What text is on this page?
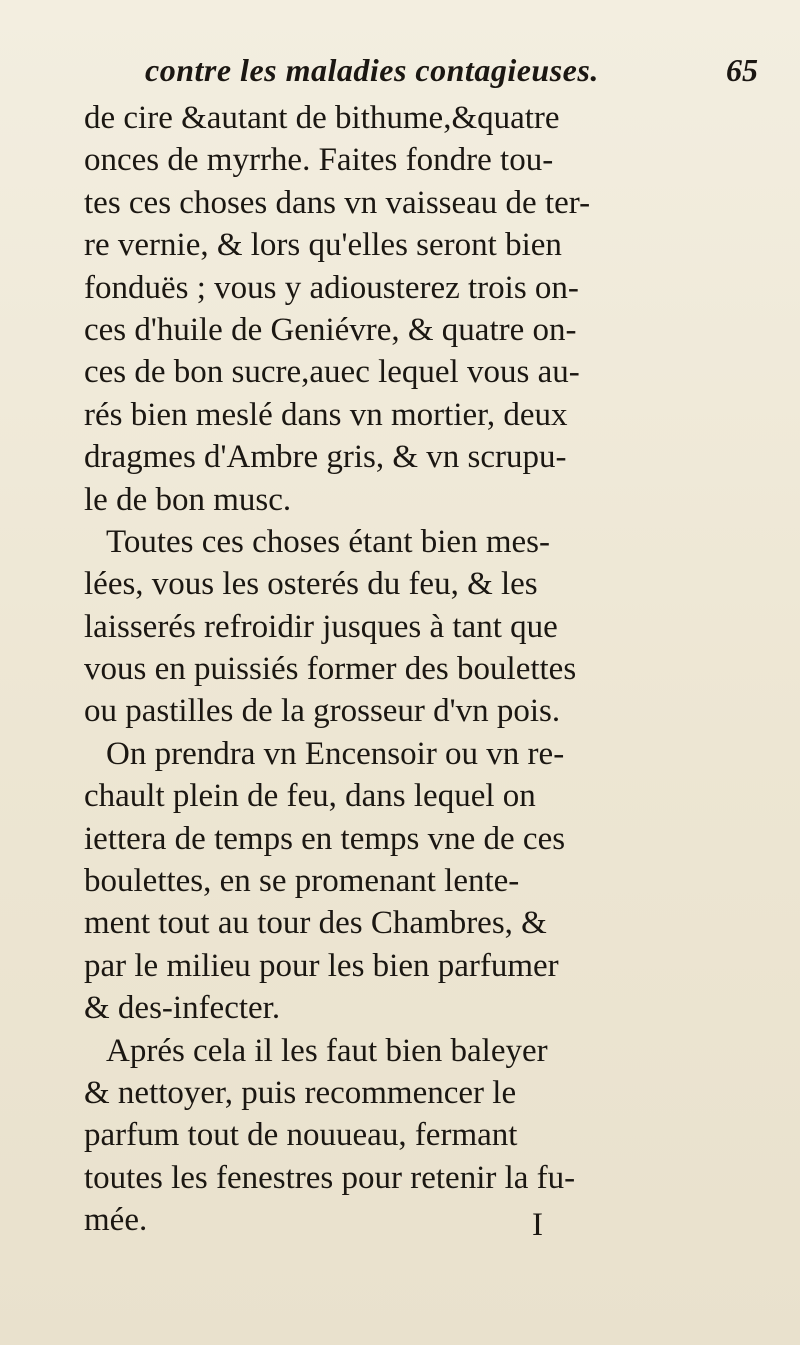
contre les maladies contagieuses.	65
de cire &autant de bithume,&quatre
onces de myrrhe. Faites fondre tou-
tes ces choses dans vn vaisseau de ter-
re vernie, & lors qu'elles seront bien
fonduës ; vous y adiousterez trois on-
ces d'huile de Geniévre, & quatre on-
ces de bon sucre,auec lequel vous au-
rés bien meslé dans vn mortier, deux
dragmes d'Ambre gris, & vn scrupu-
le de bon musc.
Toutes ces choses étant bien mes-
lées, vous les osterés du feu, & les
laisserés refroidir jusques à tant que
vous en puissiés former des boulettes
ou pastilles de la grosseur d'vn pois.
On prendra vn Encensoir ou vn re-
chault plein de feu, dans lequel on
iettera de temps en temps vne de ces
boulettes, en se promenant lente-
ment tout au tour des Chambres, &
par le milieu pour les bien parfumer
& des-infecter.
Aprés cela il les faut bien baleyer
& nettoyer, puis recommencer le
parfum tout de nouueau, fermant
toutes les fenestres pour retenir la fu-
mée.	I
